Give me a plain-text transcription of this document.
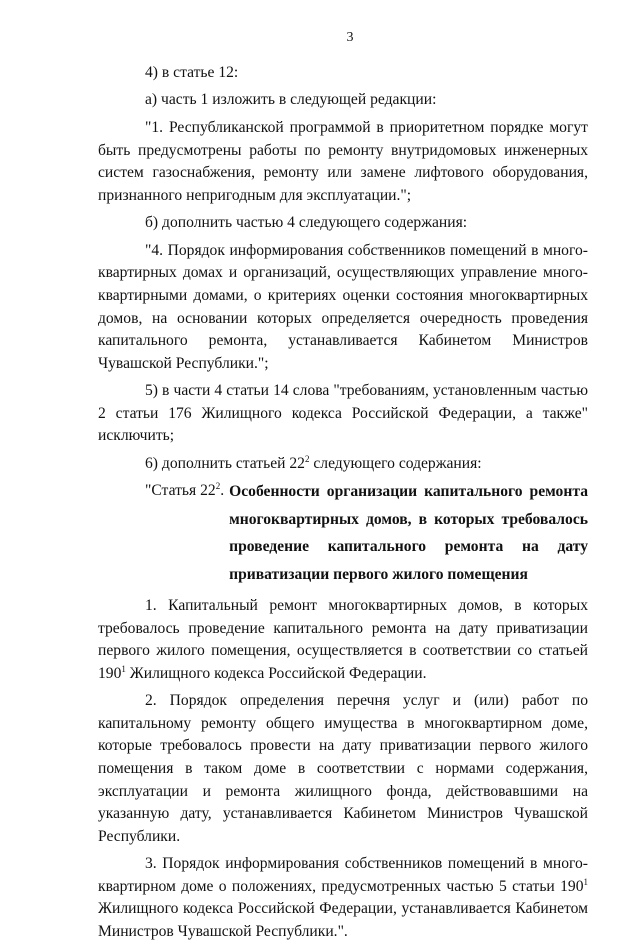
3

4) в статье 12:

а) часть 1 изложить в следующей редакции:

"1. Республиканской программой в приоритетном порядке могут быть предусмотрены работы по ремонту внутридомовых инженерных систем газоснабжения, ремонту или замене лифтового оборудования, признанного непригодным для эксплуатации.";

б) дополнить частью 4 следующего содержания:

"4. Порядок информирования собственников помещений в многоквартирных домах и организаций, осуществляющих управление многоквартирными домами, о критериях оценки состояния многоквартирных домов, на основании которых определяется очередность проведения капитального ремонта, устанавливается Кабинетом Министров Чувашской Республики.";

5) в части 4 статьи 14 слова "требованиям, установленным частью 2 статьи 176 Жилищного кодекса Российской Федерации, а также" исключить;

6) дополнить статьей $22^2$ следующего содержания:

"Статья $22^2$. Особенности организации капитального ремонта многоквартирных домов, в которых требовалось проведение капитального ремонта на дату приватизации первого жилого помещения

1. Капитальный ремонт многоквартирных домов, в которых требовалось проведение капитального ремонта на дату приватизации первого жилого помещения, осуществляется в соответствии со статьей $190^1$ Жилищного кодекса Российской Федерации.

2. Порядок определения перечня услуг и (или) работ по капитальному ремонту общего имущества в многоквартирном доме, которые требовалось провести на дату приватизации первого жилого помещения в таком доме в соответствии с нормами содержания, эксплуатации и ремонта жилищного фонда, действовавшими на указанную дату, устанавливается Кабинетом Министров Чувашской Республики.

3. Порядок информирования собственников помещений в многоквартирном доме о положениях, предусмотренных частью 5 статьи $190^1$ Жилищного кодекса Российской Федерации, устанавливается Кабинетом Министров Чувашской Республики.".
